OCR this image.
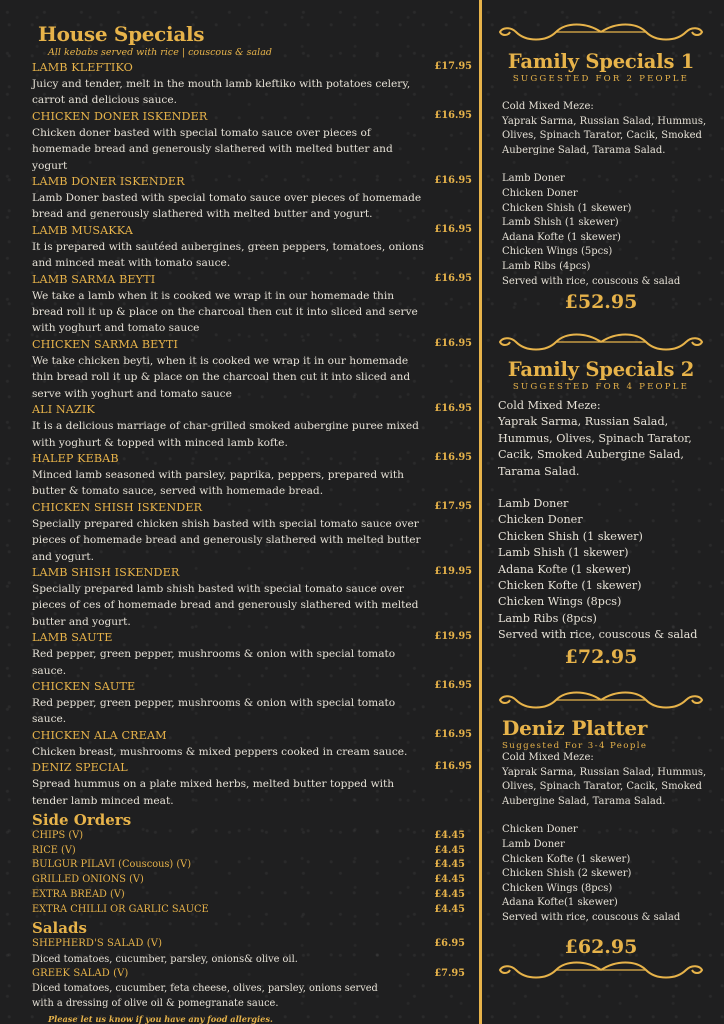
House Specials
All kebabs served with rice | couscous & salad
LAMB KLEFTIKO	£17.95
Juicy and tender, melt in the mouth lamb kleftiko with potatoes celery, carrot and delicious sauce.
CHICKEN DONER ISKENDER	£16.95
Chicken doner basted with special tomato sauce over pieces of homemade bread and generously slathered with melted butter and yogurt
LAMB DONER ISKENDER	£16.95
Lamb Doner basted with special tomato sauce over pieces of homemade bread and generously slathered with melted butter and yogurt.
LAMB MUSAKKA	£16.95
It is prepared with sautéed aubergines, green peppers, tomatoes, onions and minced meat with tomato sauce.
LAMB SARMA BEYTI	£16.95
We take a lamb when it is cooked we wrap it in our homemade thin bread roll it up & place on the charcoal then cut it into sliced and serve with yoghurt and tomato sauce
CHICKEN SARMA BEYTI	£16.95
We take chicken beyti, when it is cooked we wrap it in our homemade thin bread roll it up & place on the charcoal then cut it into sliced and serve with yoghurt and tomato sauce
ALI NAZIK	£16.95
It is a delicious marriage of char-grilled smoked aubergine puree mixed with yoghurt & topped with minced lamb kofte.
HALEP KEBAB	£16.95
Minced lamb seasoned with parsley, paprika, peppers, prepared with butter & tomato sauce, served with homemade bread.
CHICKEN SHISH ISKENDER	£17.95
Specially prepared chicken shish basted with special tomato sauce over pieces of homemade bread and generously slathered with melted butter and yogurt.
LAMB SHISH ISKENDER	£19.95
Specially prepared lamb shish basted with special tomato sauce over pieces of ces of homemade bread and generously slathered with melted butter and yogurt.
LAMB SAUTE	£19.95
Red pepper, green pepper, mushrooms & onion with special tomato sauce.
CHICKEN SAUTE	£16.95
Red pepper, green pepper, mushrooms & onion with special tomato sauce.
CHICKEN ALA CREAM	£16.95
Chicken breast, mushrooms & mixed peppers cooked in cream sauce.
DENIZ SPECIAL	£16.95
Spread hummus on a plate mixed herbs, melted butter topped with tender lamb minced meat.
Side Orders
CHIPS (V)	£4.45
RICE (V)	£4.45
BULGUR PILAVI (Couscous) (V)	£4.45
GRILLED ONIONS (V)	£4.45
EXTRA BREAD (V)	£4.45
EXTRA CHILLI OR GARLIC SAUCE	£4.45
Salads
SHEPHERD'S SALAD (V)	£6.95
Diced tomatoes, cucumber, parsley, onions& olive oil.
GREEK SALAD (V)	£7.95
Diced tomatoes, cucumber, feta cheese, olives, parsley, onions served with a dressing of olive oil & pomegranate sauce.
Please let us know if you have any food allergies.
Family Specials 1
SUGGESTED FOR 2 PEOPLE
Cold Mixed Meze:
Yaprak Sarma, Russian Salad, Hummus,
Olives, Spinach Tarator, Cacik, Smoked
Aubergine Salad, Tarama Salad.
Lamb Doner
Chicken Doner
Chicken Shish (1 skewer)
Lamb Shish (1 skewer)
Adana Kofte (1 skewer)
Chicken Wings (5pcs)
Lamb Ribs (4pcs)
Served with rice, couscous & salad
£52.95
Family Specials 2
SUGGESTED FOR 4 PEOPLE
Cold Mixed Meze:
Yaprak Sarma, Russian Salad,
Hummus, Olives, Spinach Tarator,
Cacik, Smoked Aubergine Salad,
Tarama Salad.
Lamb Doner
Chicken Doner
Chicken Shish (1 skewer)
Lamb Shish (1 skewer)
Adana Kofte (1 skewer)
Chicken Kofte (1 skewer)
Chicken Wings (8pcs)
Lamb Ribs (8pcs)
Served with rice, couscous & salad
£72.95
Deniz Platter
Suggested For 3-4 People
Cold Mixed Meze:
Yaprak Sarma, Russian Salad, Hummus,
Olives, Spinach Tarator, Cacik, Smoked
Aubergine Salad, Tarama Salad.
Chicken Doner
Lamb Doner
Chicken Kofte (1 skewer)
Chicken Shish (2 skewer)
Chicken Wings (8pcs)
Adana Kofte(1 skewer)
Served with rice, couscous & salad
£62.95
